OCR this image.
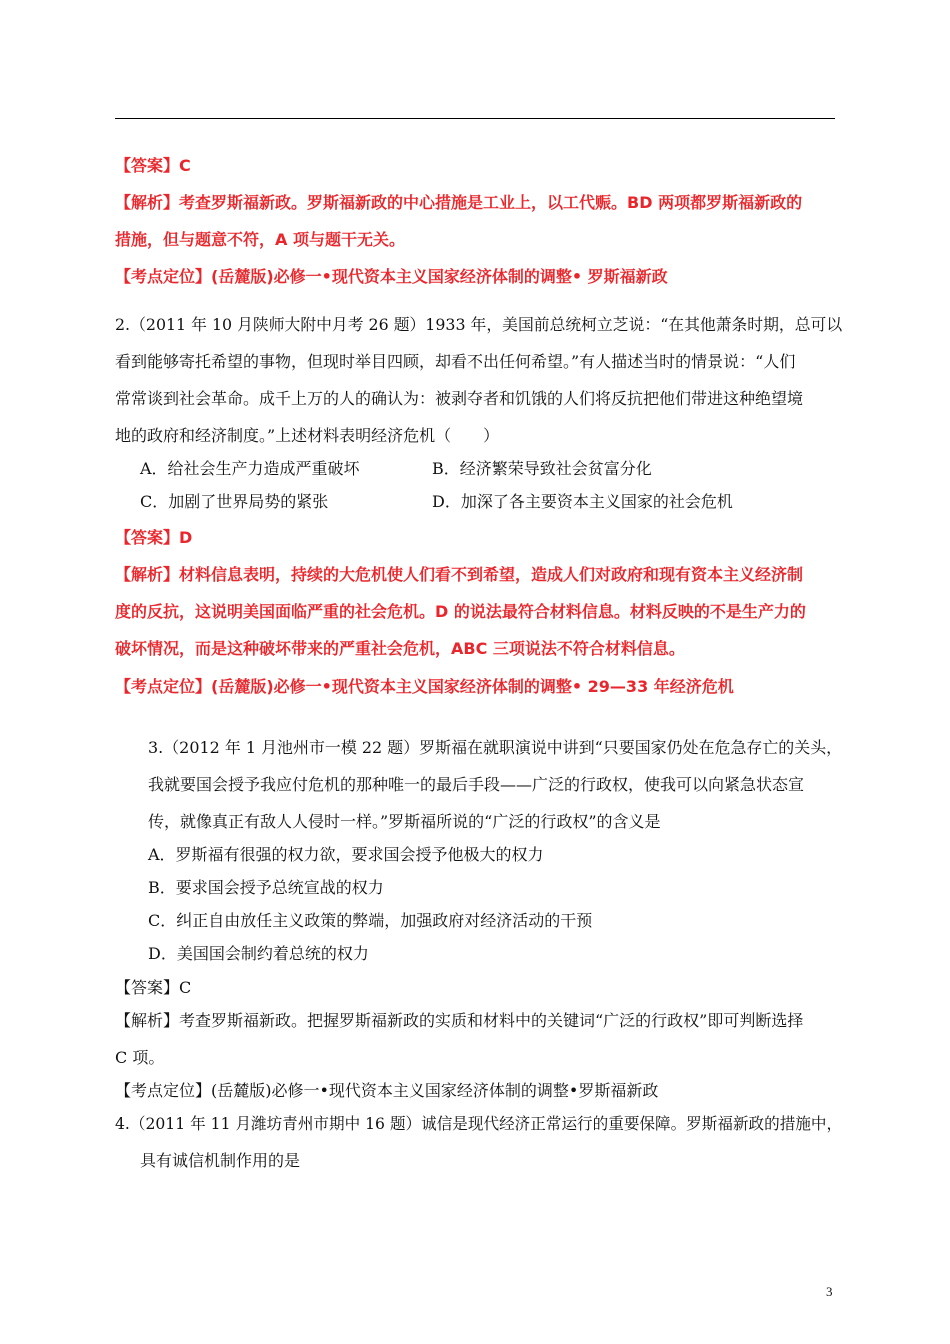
【答案】C
【解析】考查罗斯福新政。罗斯福新政的中心措施是工业上，以工代赈。BD 两项都罗斯福新政的
措施，但与题意不符，A 项与题干无关。
【考点定位】(岳麓版)必修一•现代资本主义国家经济体制的调整• 罗斯福新政
2.（2011 年 10 月陕师大附中月考 26 题）1933 年，美国前总统柯立芝说：“在其他萧条时期，总可以
看到能够寄托希望的事物，但现时举目四顾，却看不出任何希望。”有人描述当时的情景说：“人们
常常谈到社会革命。成千上万的人的确认为：被剥夺者和饥饿的人们将反抗把他们带进这种绝望境
地的政府和经济制度。”上述材料表明经济危机（　　）
A．给社会生产力造成严重破坏	B．经济繁荣导致社会贫富分化
C．加剧了世界局势的紧张	D．加深了各主要资本主义国家的社会危机
【答案】D
【解析】材料信息表明，持续的大危机使人们看不到希望，造成人们对政府和现有资本主义经济制
度的反抗，这说明美国面临严重的社会危机。D 的说法最符合材料信息。材料反映的不是生产力的
破坏情况，而是这种破坏带来的严重社会危机，ABC 三项说法不符合材料信息。
【考点定位】(岳麓版)必修一•现代资本主义国家经济体制的调整• 29—33 年经济危机
3.（2012 年 1 月池州市一模 22 题）罗斯福在就职演说中讲到“只要国家仍处在危急存亡的关头，
我就要国会授予我应付危机的那种唯一的最后手段——广泛的行政权，使我可以向紧急状态宣
传，就像真正有敌人人侵时一样。”罗斯福所说的“广泛的行政权”的含义是
A．罗斯福有很强的权力欲，要求国会授予他极大的权力
B．要求国会授予总统宣战的权力
C．纠正自由放任主义政策的弊端，加强政府对经济活动的干预
D．美国国会制约着总统的权力
【答案】C
【解析】考查罗斯福新政。把握罗斯福新政的实质和材料中的关键词“广泛的行政权”即可判断选择
C 项。
【考点定位】(岳麓版)必修一•现代资本主义国家经济体制的调整•罗斯福新政
4.（2011 年 11 月潍坊青州市期中 16 题）诚信是现代经济正常运行的重要保障。罗斯福新政的措施中，
具有诚信机制作用的是
3
